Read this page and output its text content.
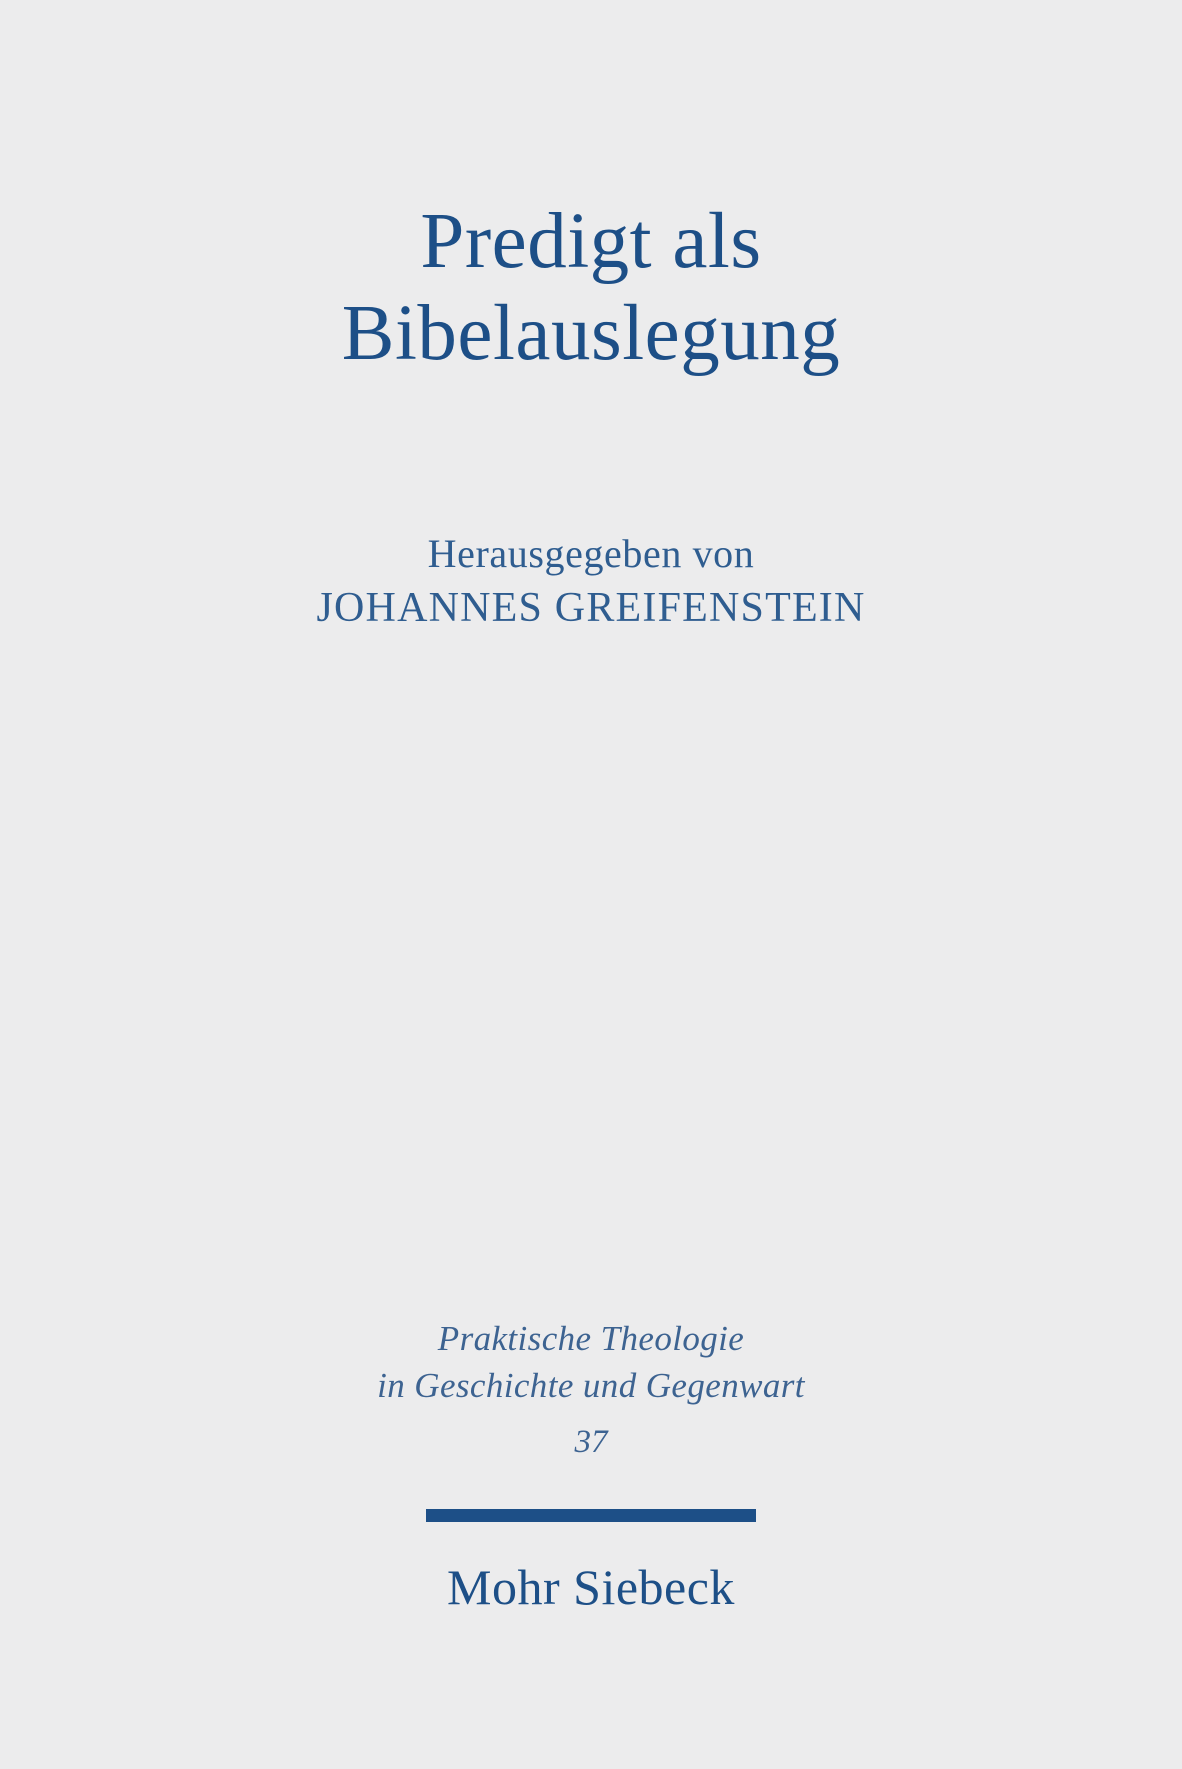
Predigt als
Bibelauslegung
Herausgegeben von
JOHANNES GREIFENSTEIN
Praktische Theologie
in Geschichte und Gegenwart
37
Mohr Siebeck
